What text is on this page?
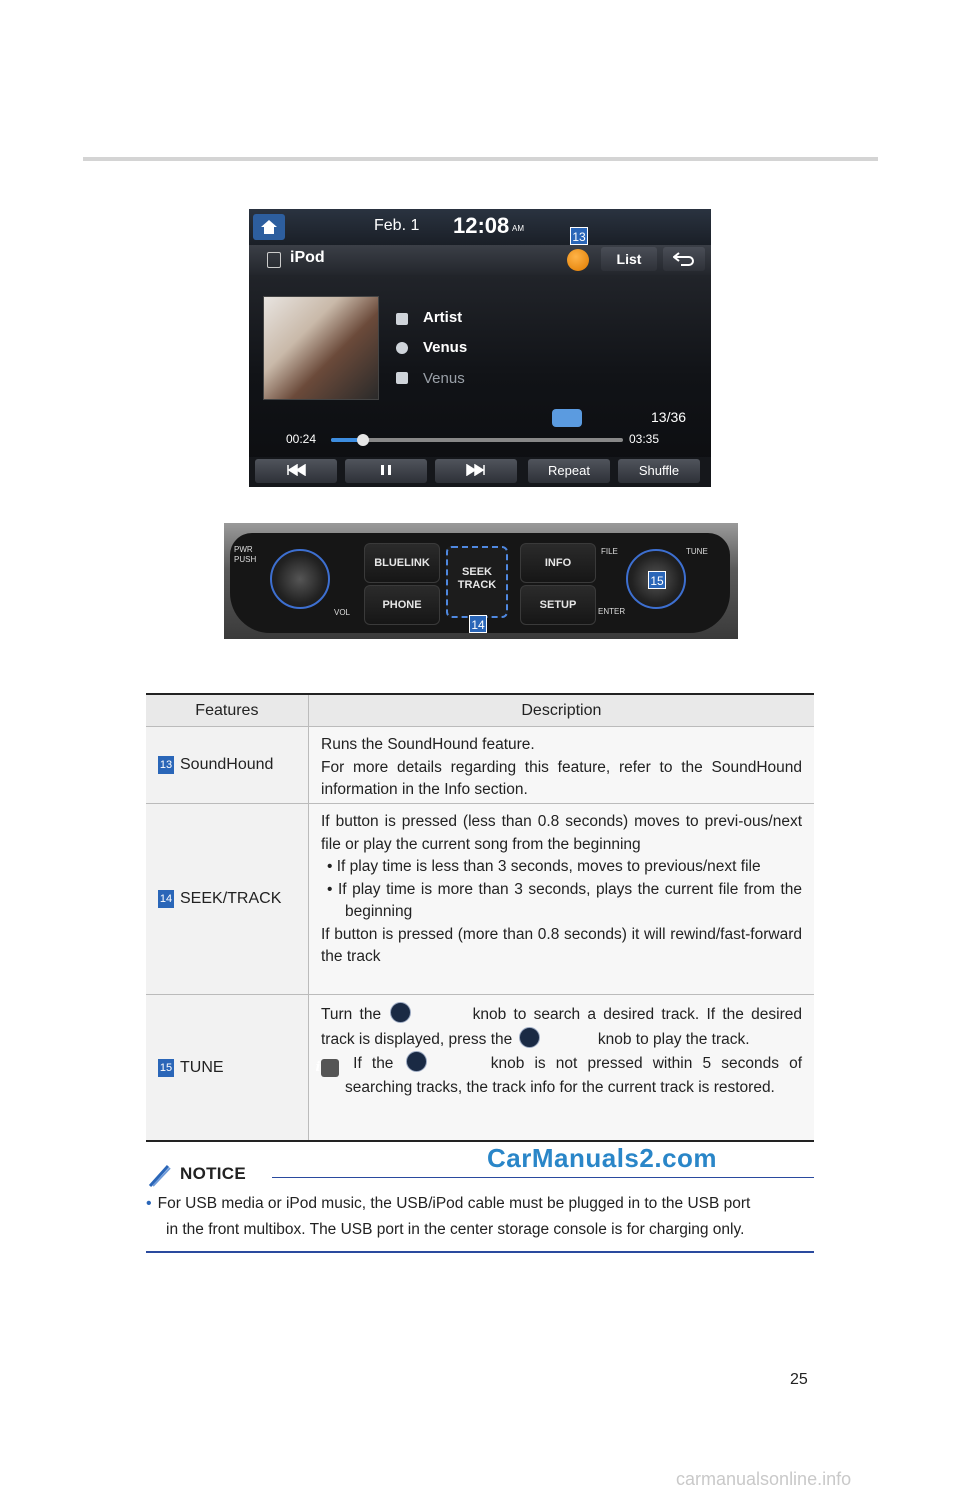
Feb. 1 12:08 AM
13
iPod	List
Artist
Venus
Venus
13/36
00:24	03:35
Repeat	Shuffle
PWR
PUSH
VOL
BLUELINK
PHONE
SEEK
TRACK
14
INFO
SETUP
FILE	TUNE
ENTER
15
Features	Description
13 SoundHound
Runs the SoundHound feature.
For more details regarding this feature, refer to the SoundHound information in the Info section.
14 SEEK/TRACK
If button is pressed (less than 0.8 seconds) moves to previ-ous/next file or play the current song from the beginning
• If play time is less than 3 seconds, moves to previous/next file
• If play time is more than 3 seconds, plays the current file from the beginning
If button is pressed (more than 0.8 seconds) it will rewind/fast-forward the track
15 TUNE
Turn the	knob to search a desired track. If the desired track is displayed, press the	knob to play the track.
i If the	knob is not pressed within 5 seconds of searching tracks, the track info for the current track is restored.
CarManuals2.com
NOTICE
• For USB media or iPod music, the USB/iPod cable must be plugged in to the USB port
in the front multibox. The USB port in the center storage console is for charging only.
25
carmanualsonline.info
